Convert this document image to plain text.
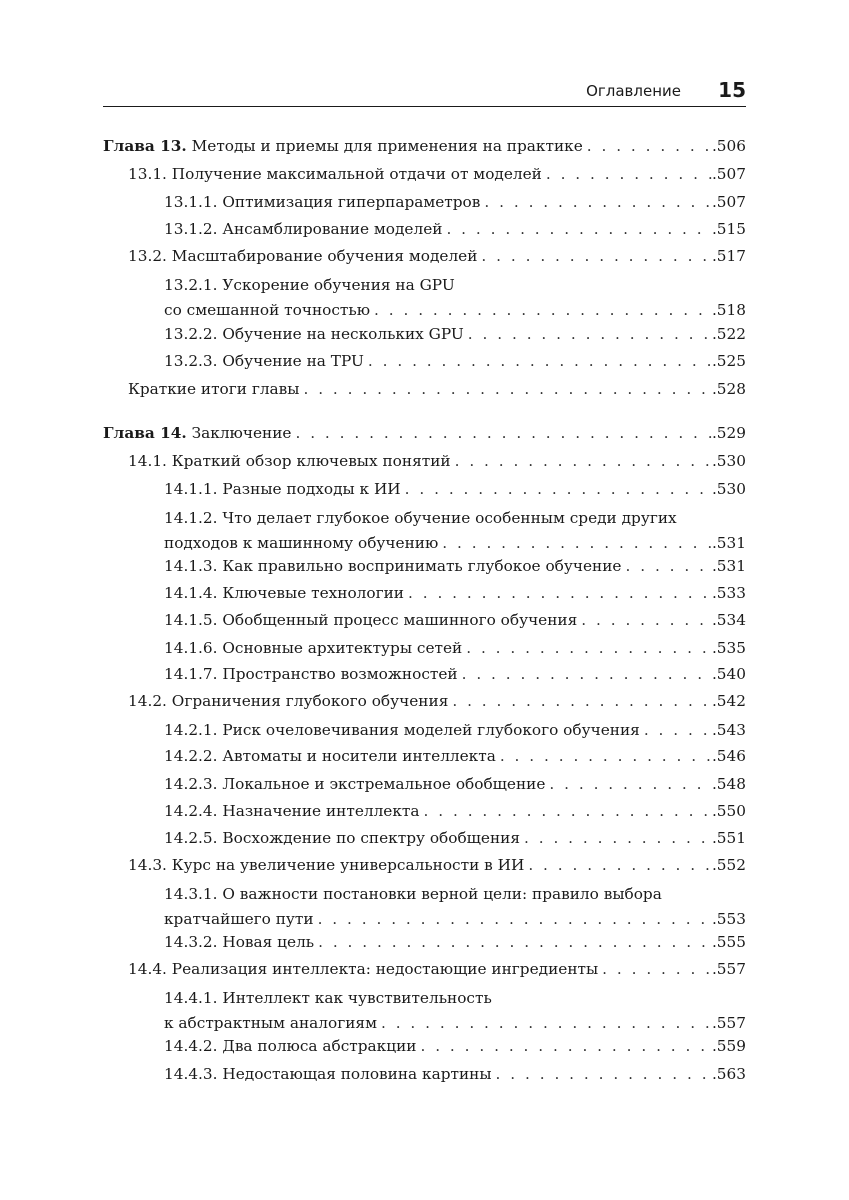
Оглавление 15
Глава 13. Методы и приемы для применения на практике . . .	.506
13.1. Получение максимальной отдачи от моделей . . .	.507
13.1.1. Оптимизация гиперпараметров . . .	.507
13.1.2. Ансамблирование моделей . . .	.515
13.2. Масштабирование обучения моделей . . .	.517
13.2.1. Ускорение обучения на GPU
со смешанной точностью . . .	.518
13.2.2. Обучение на нескольких GPU . . .	.522
13.2.3. Обучение на TPU . . .	.525
Краткие итоги главы . . .	.528
Глава 14. Заключение . . .	.529
14.1. Краткий обзор ключевых понятий . . .	.530
14.1.1. Разные подходы к ИИ . . .	.530
14.1.2. Что делает глубокое обучение особенным среди других
подходов к машинному обучению . . .	.531
14.1.3. Как правильно воспринимать глубокое обучение . . .	.531
14.1.4. Ключевые технологии . . .	.533
14.1.5. Обобщенный процесс машинного обучения . . .	.534
14.1.6. Основные архитектуры сетей . . .	.535
14.1.7. Пространство возможностей . . .	.540
14.2. Ограничения глубокого обучения . . .	.542
14.2.1. Риск очеловечивания моделей глубокого обучения . . .	.543
14.2.2. Автоматы и носители интеллекта . . .	.546
14.2.3. Локальное и экстремальное обобщение . . .	.548
14.2.4. Назначение интеллекта . . .	.550
14.2.5. Восхождение по спектру обобщения . . .	.551
14.3. Курс на увеличение универсальности в ИИ . . .	.552
14.3.1. О важности постановки верной цели: правило выбора
кратчайшего пути . . .	.553
14.3.2. Новая цель . . .	.555
14.4. Реализация интеллекта: недостающие ингредиенты . . .	.557
14.4.1. Интеллект как чувствительность
к абстрактным аналогиям . . .	.557
14.4.2. Два полюса абстракции . . .	.559
14.4.3. Недостающая половина картины . . .	.563
